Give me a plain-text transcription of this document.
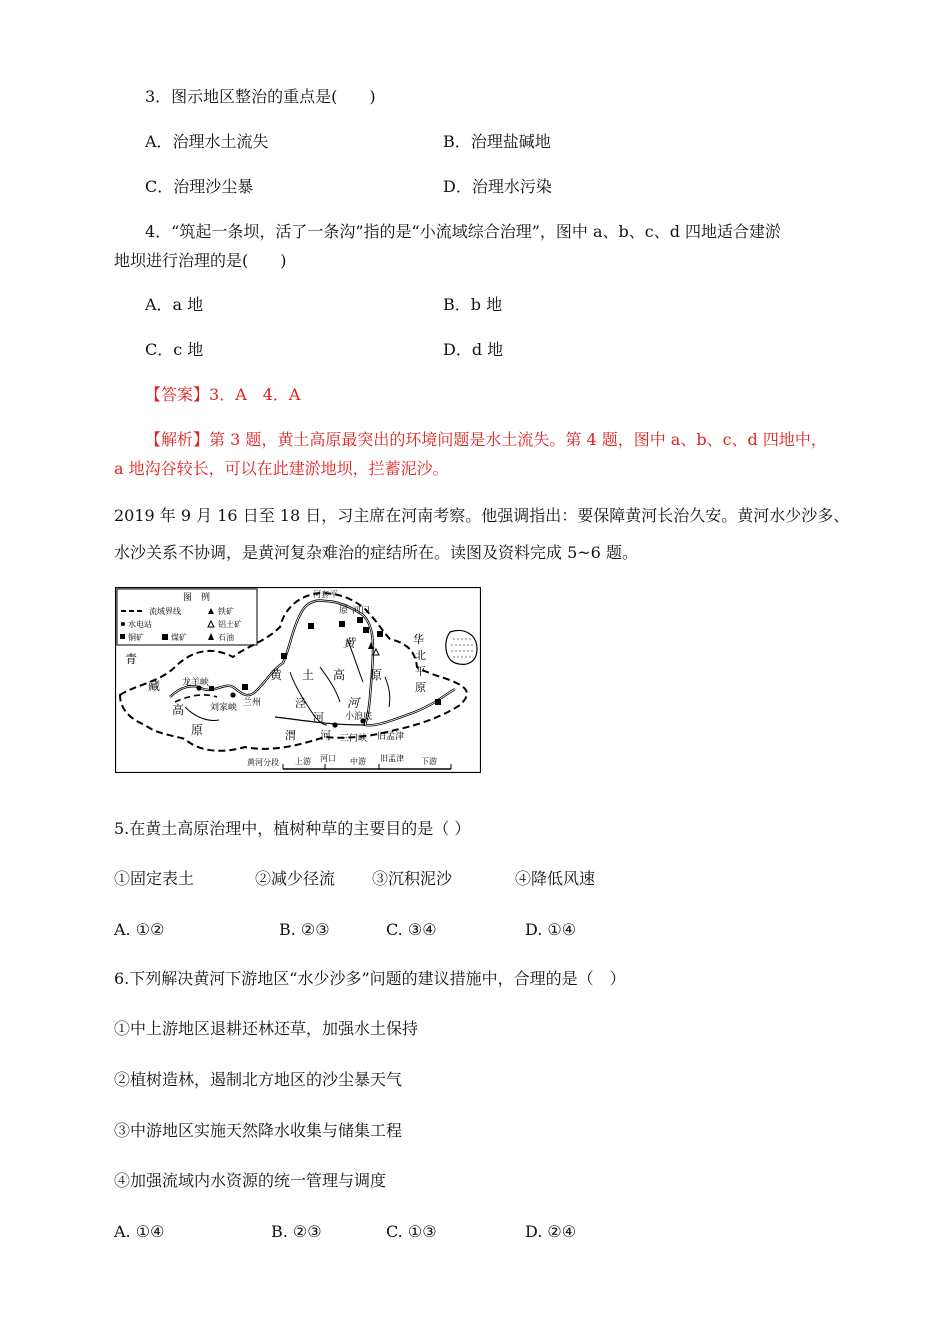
3．图示地区整治的重点是(　　)
A．治理水土流失	B．治理盐碱地
C．治理沙尘暴	D．治理水污染
4．“筑起一条坝，活了一条沟”指的是“小流域综合治理”，图中 a、b、c、d 四地适合建淤
地坝进行治理的是(　　)
A．a 地	B．b 地
C．c 地	D．d 地
【答案】3．A　4．A
【解析】第 3 题，黄土高原最突出的环境问题是水土流失。第 4 题，图中 a、b、c、d 四地中，
a 地沟谷较长，可以在此建淤地坝，拦蓄泥沙。
2019 年 9 月 16 日至 18 日，习主席在河南考察。他强调指出：要保障黄河长治久安。黄河水少沙多、
水沙关系不协调，是黄河复杂难治的症结所在。读图及资料完成 5~6 题。
图　例
流域界线	铁矿
水电站	铝土矿
铜矿	煤矿	石油
青
藏
高
原
龙羊峡
刘家峡 兰州
河套 平
原 河口
黄 土 高 原
黄
河
泾
河
渭 河
小浪底
三门峡 旧孟津
华
北
平
原
黄河分段 上游 河口 中游 旧孟津 下游
5.在黄土高原治理中，植树种草的主要目的是（ ）
①固定表土	②减少径流 ③沉积泥沙	④降低风速
A. ①②	B. ②③	C. ③④	D. ①④
6.下列解决黄河下游地区“水少沙多”问题的建议措施中，合理的是（　）
①中上游地区退耕还林还草，加强水土保持
②植树造林，遏制北方地区的沙尘暴天气
③中游地区实施天然降水收集与储集工程
④加强流域内水资源的统一管理与调度
A. ①④	B. ②③	C. ①③	D. ②④
